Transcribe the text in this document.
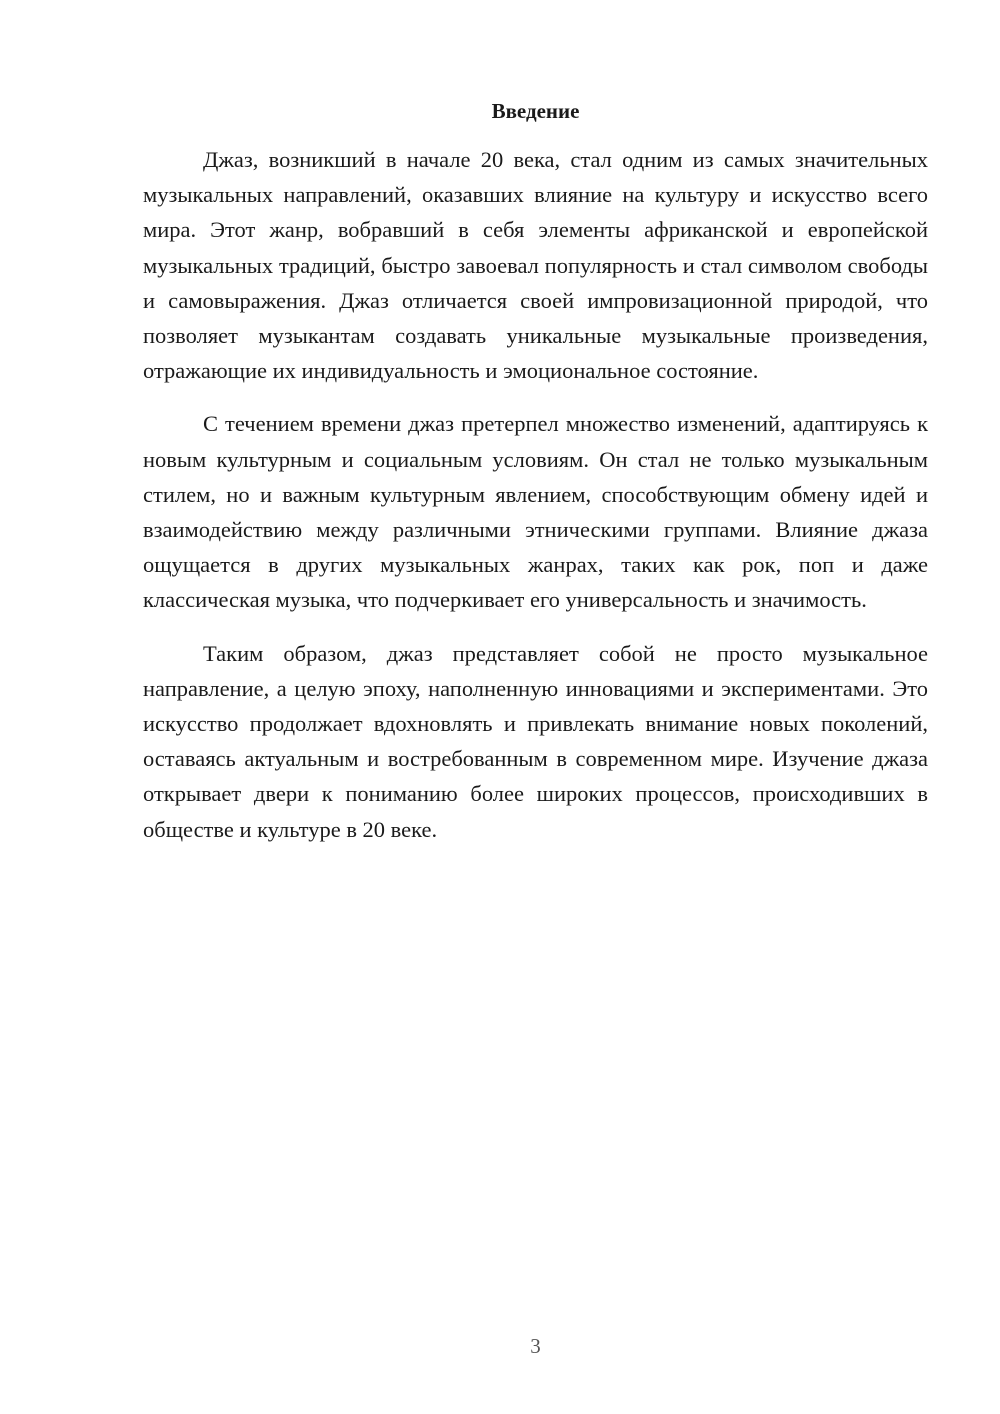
Введение

Джаз, возникший в начале 20 века, стал одним из самых значительных музыкальных направлений, оказавших влияние на культуру и искусство всего мира. Этот жанр, вобравший в себя элементы африканской и европейской музыкальных традиций, быстро завоевал популярность и стал символом свободы и самовыражения. Джаз отличается своей импровизационной природой, что позволяет музыкантам создавать уникальные музыкальные произведения, отражающие их индивидуальность и эмоциональное состояние.

С течением времени джаз претерпел множество изменений, адаптируясь к новым культурным и социальным условиям. Он стал не только музыкальным стилем, но и важным культурным явлением, способствующим обмену идей и взаимодействию между различными этническими группами. Влияние джаза ощущается в других музыкальных жанрах, таких как рок, поп и даже классическая музыка, что подчеркивает его универсальность и значимость.

Таким образом, джаз представляет собой не просто музыкальное направление, а целую эпоху, наполненную инновациями и экспериментами. Это искусство продолжает вдохновлять и привлекать внимание новых поколений, оставаясь актуальным и востребованным в современном мире. Изучение джаза открывает двери к пониманию более широких процессов, происходивших в обществе и культуре в 20 веке.

3
